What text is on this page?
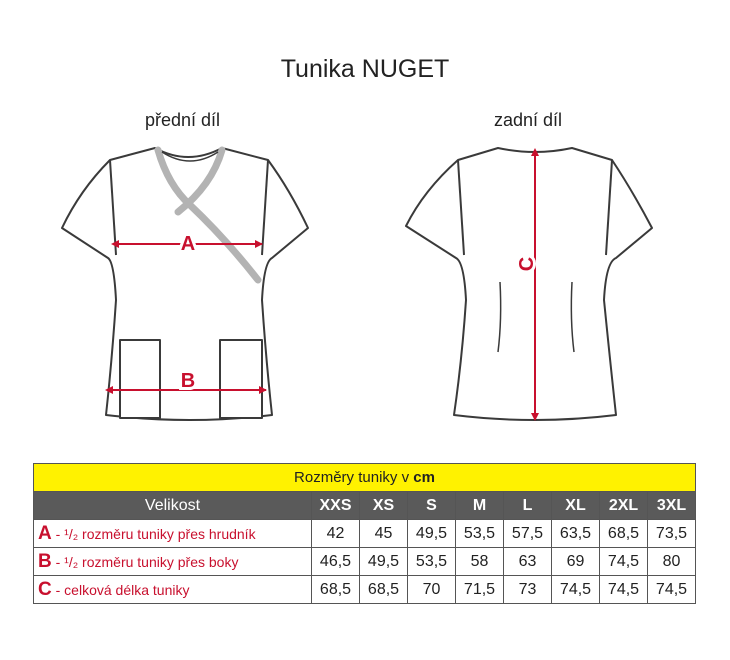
Tunika NUGET
přední díl	zadní díl
A
B
C
Rozměry tuniky v cm								
Velikost	XXS	XS	S	M	L	XL	2XL	3XL
A - ¹/₂ rozměru tuniky přes hrudník	42	45	49,5	53,5	57,5	63,5	68,5	73,5
B - ¹/₂ rozměru tuniky přes boky	46,5	49,5	53,5	58	63	69	74,5	80
C - celková délka tuniky	68,5	68,5	70	71,5	73	74,5	74,5	74,5
